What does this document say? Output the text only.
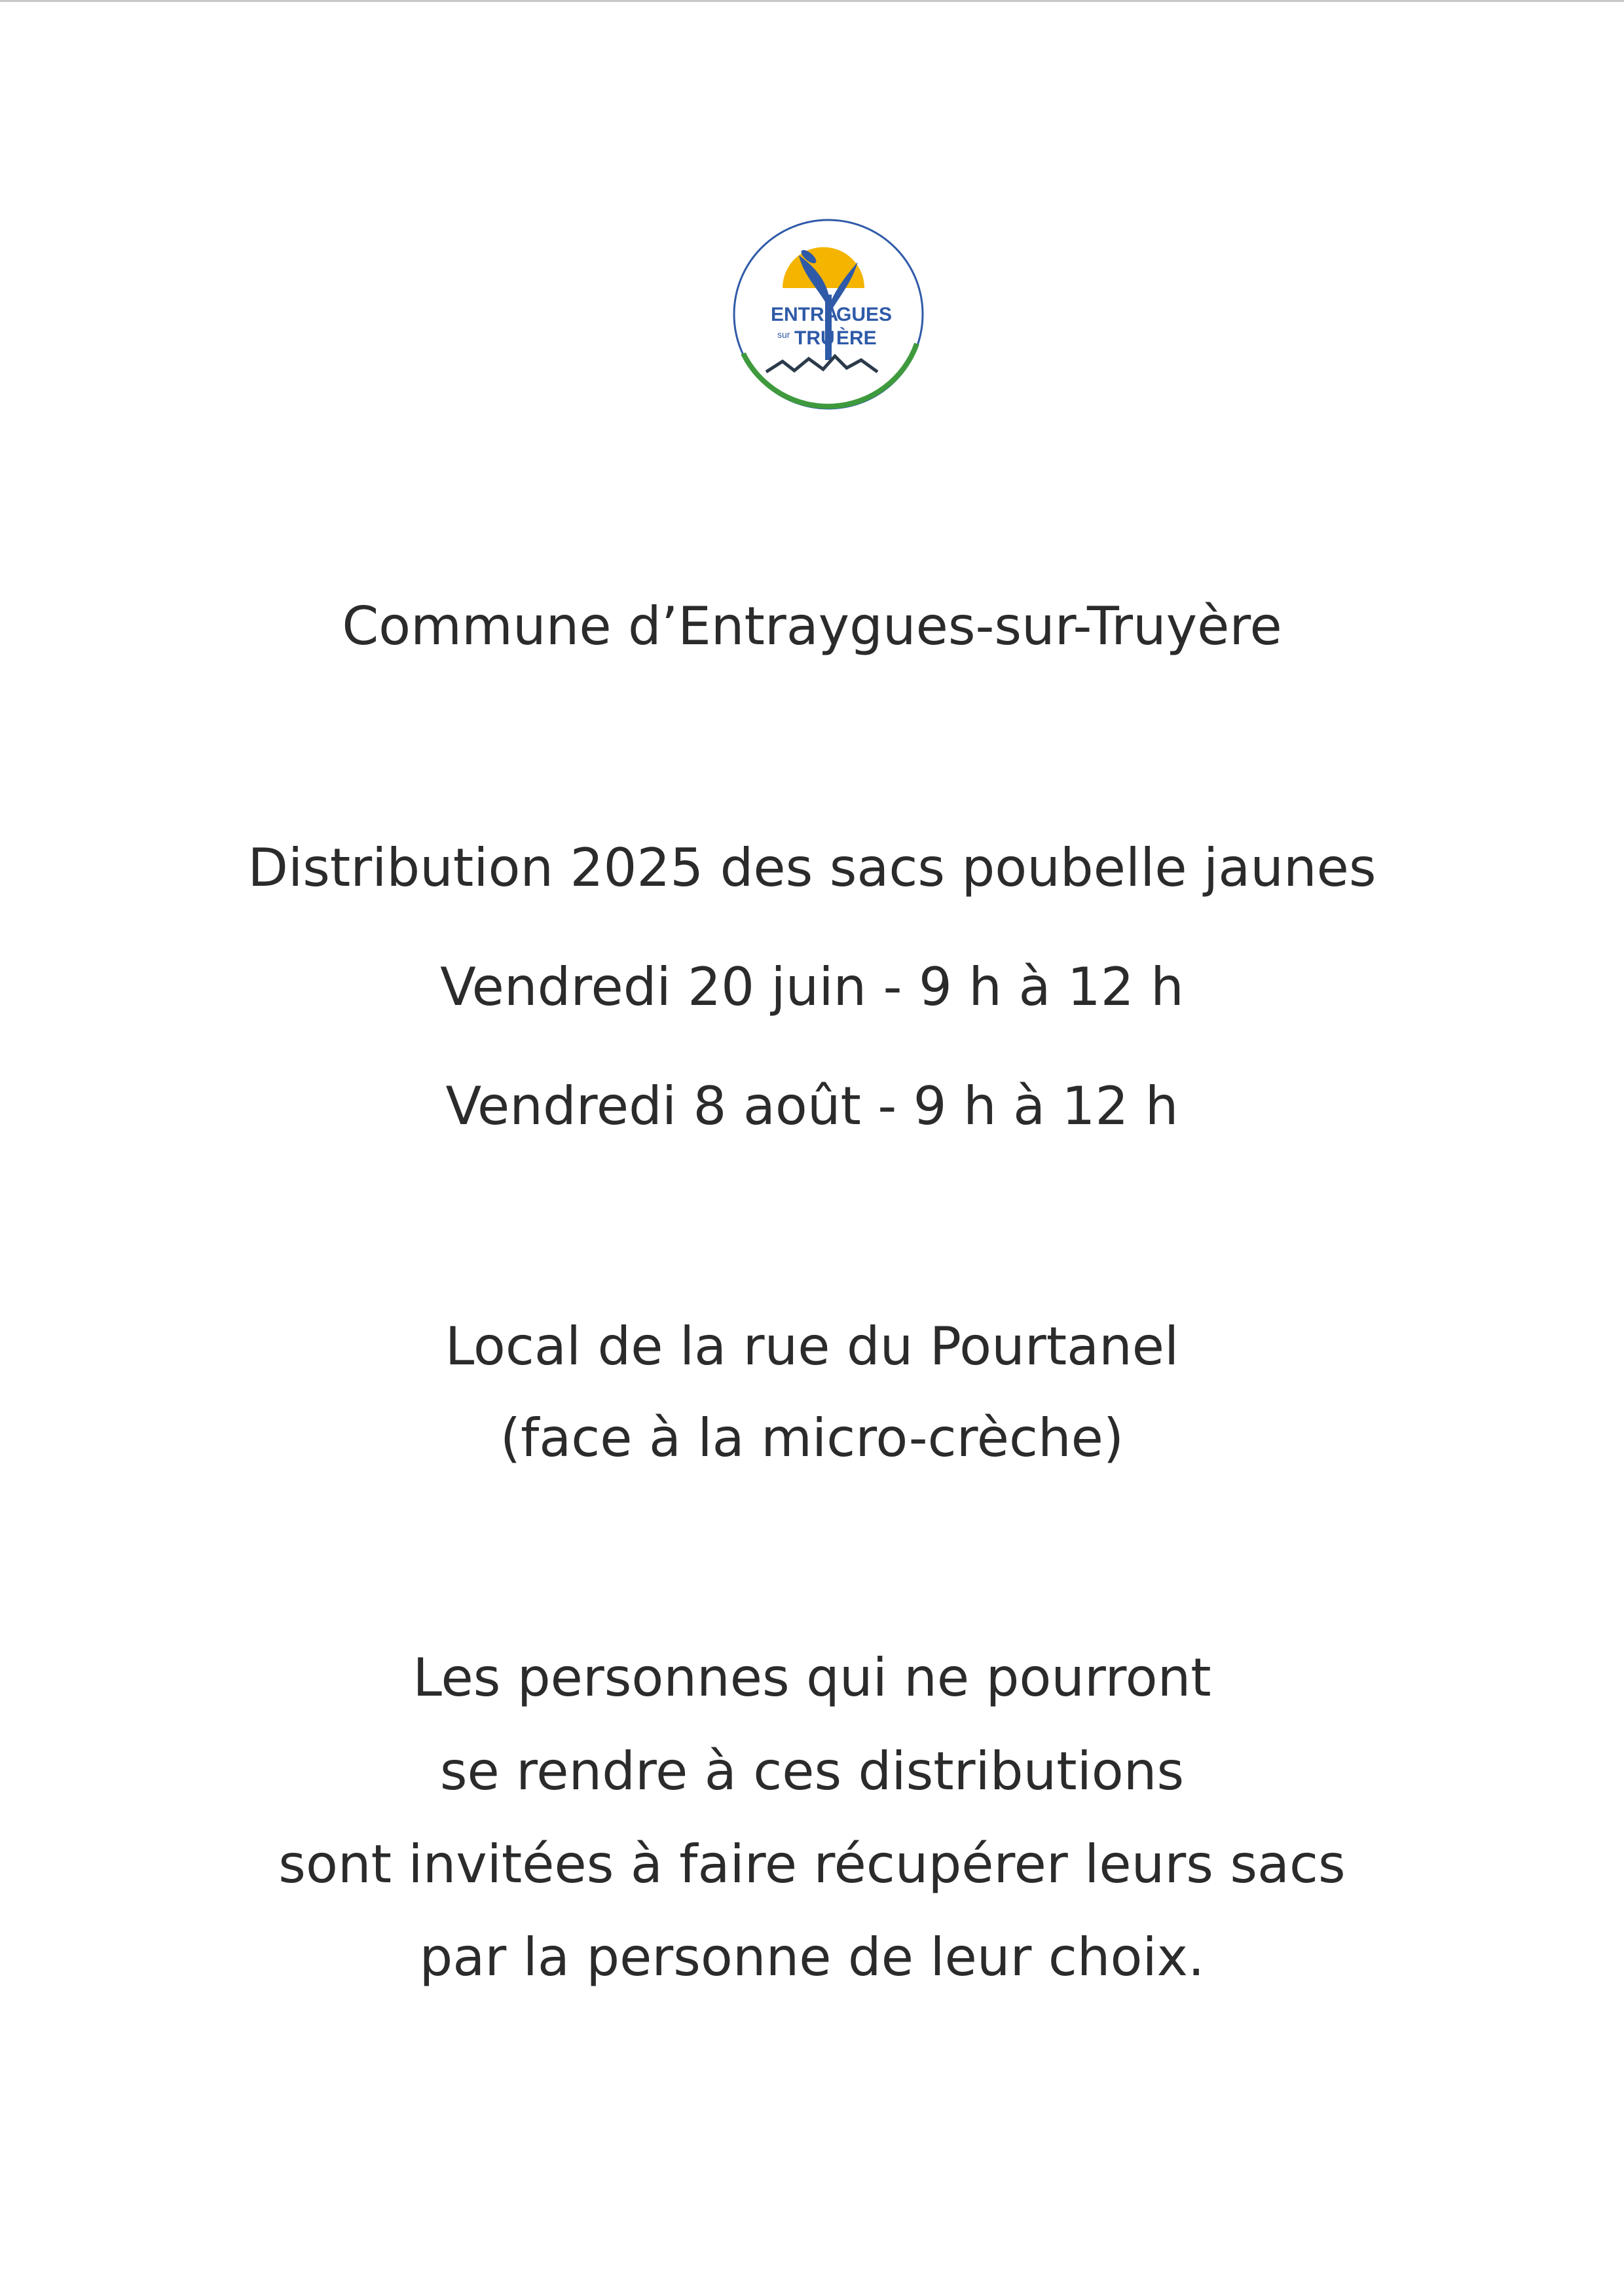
ENTRA
GUES
sur TRU ÈRE
Commune d’Entraygues-sur-Truyère
Distribution 2025 des sacs poubelle jaunes
Vendredi 20 juin - 9 h à 12 h
Vendredi 8 août - 9 h à 12 h
Local de la rue du Pourtanel
(face à la micro-crèche)
Les personnes qui ne pourront
se rendre à ces distributions
sont invitées à faire récupérer leurs sacs
par la personne de leur choix.
